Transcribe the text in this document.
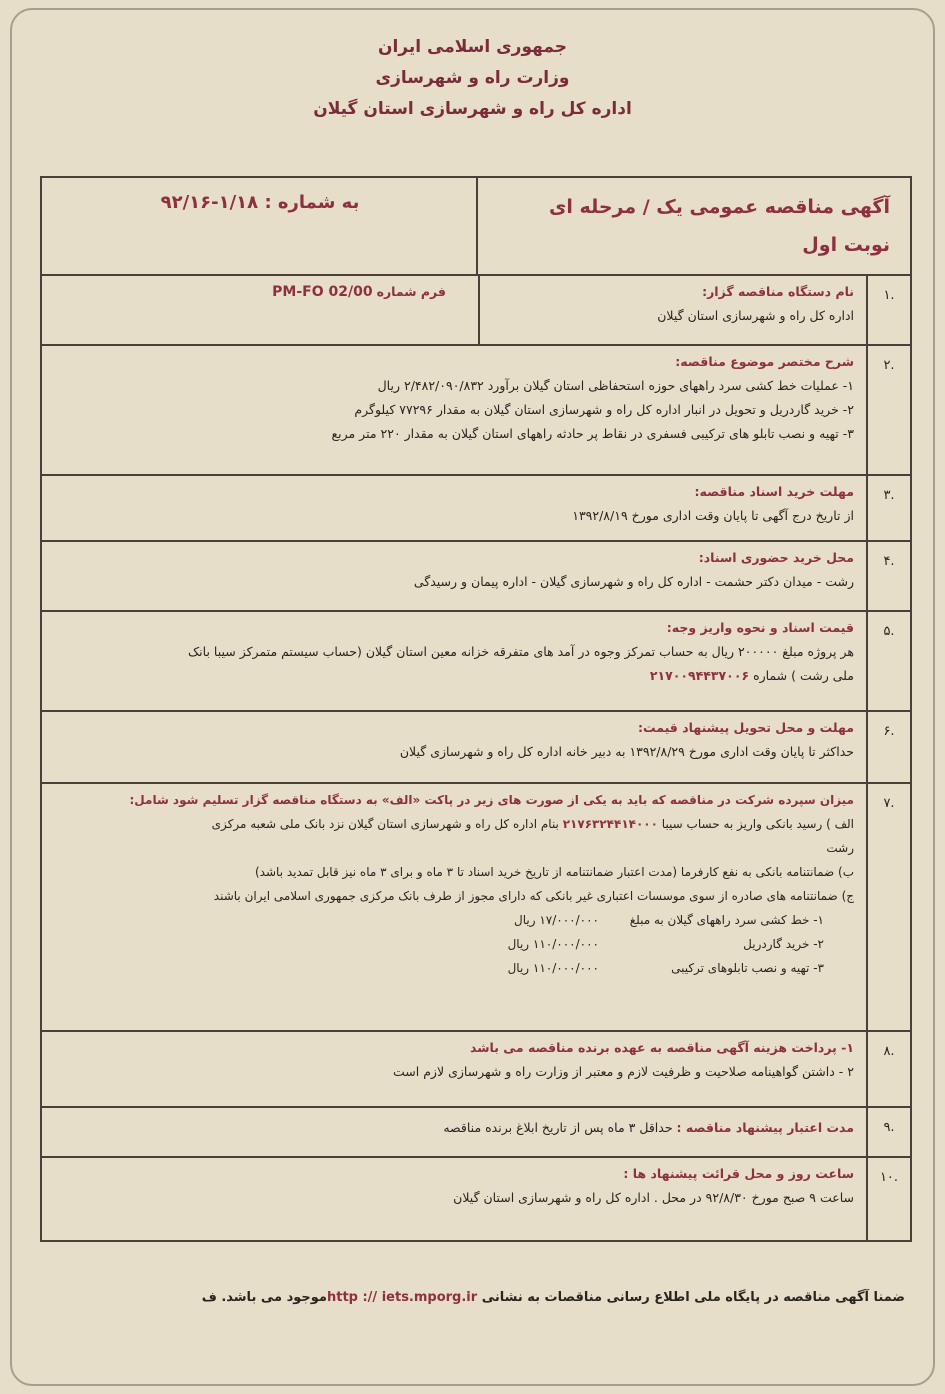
جمهوری اسلامی ایران
وزارت راه و شهرسازی
اداره کل راه و شهرسازی استان گیلان
آگهی مناقصه عمومی یک / مرحله ای
نوبت اول
به شماره : ۱/۱۸-۹۲/۱۶
.۱
نام دستگاه مناقصه گزار:
اداره کل راه و شهرسازی استان گیلان
فرم شماره PM-FO 02/00
.۲
شرح مختصر موضوع مناقصه:
۱- عملیات خط کشی سرد راههای حوزه استحفاظی استان گیلان برآورد ۲/۴۸۲/۰۹۰/۸۳۲ ریال
۲- خرید گاردریل و تحویل در انبار اداره کل راه و شهرسازی استان گیلان به مقدار ۷۷۲۹۶ کیلوگرم
۳- تهیه و نصب تابلو های ترکیبی فسفری در نقاط پر حادثه راههای استان گیلان به مقدار ۲۲۰ متر مربع
.۳
مهلت خرید اسناد مناقصه:
از تاریخ درج آگهی تا پایان وقت اداری مورخ ۱۳۹۲/۸/۱۹
.۴
محل خرید حضوری اسناد:
رشت - میدان دکتر حشمت - اداره کل راه و شهرسازی گیلان - اداره پیمان و رسیدگی
.۵
قیمت اسناد و نحوه واریز وجه:
هر پروژه مبلغ ۲۰۰۰۰۰ ریال به حساب تمرکز وجوه در آمد های متفرقه خزانه معین استان گیلان (حساب سیستم متمرکز سیبا بانک
ملی رشت ) شماره ۲۱۷۰۰۹۴۴۳۷۰۰۶
.۶
مهلت و محل تحویل پیشنهاد قیمت:
حداکثر تا پایان وقت اداری مورخ ۱۳۹۲/۸/۲۹ به دبیر خانه اداره کل راه و شهرسازی گیلان
.۷
میزان سپرده شرکت در مناقصه که باید به یکی از صورت های زیر در پاکت «الف» به دستگاه مناقصه گزار تسلیم شود شامل:
الف ) رسید بانکی واریز به حساب سیبا ۲۱۷۶۳۲۴۴۱۴۰۰۰ بنام اداره کل راه و شهرسازی استان گیلان نزد بانک ملی شعبه مرکزی
رشت
ب) ضمانتنامه بانکی به نفع کارفرما (مدت اعتبار ضمانتنامه از تاریخ خرید اسناد تا ۳ ماه و برای ۳ ماه نیز قابل تمدید باشد)
ج) ضمانتنامه های صادره از سوی موسسات اعتباری غیر بانکی که دارای مجوز از طرف بانک مرکزی جمهوری اسلامی ایران باشند
۱- خط کشی سرد راههای گیلان به مبلغ
۱۷/۰۰۰/۰۰۰ ریال
۲- خرید گاردریل
۱۱۰/۰۰۰/۰۰۰ ریال
۳- تهیه و نصب تابلوهای ترکیبی
۱۱۰/۰۰۰/۰۰۰ ریال
.۸
۱- پرداخت هزینه آگهی مناقصه به عهده برنده مناقصه می باشد
۲ - داشتن گواهینامه صلاحیت و ظرفیت لازم و معتبر از وزارت راه و شهرسازی لازم است
.۹
مدت اعتبار پیشنهاد مناقصه : حداقل ۳ ماه پس از تاریخ ابلاغ برنده مناقصه
.۱۰
ساعت روز و محل قرائت پیشنهاد ها :
ساعت ۹ صبح مورخ ۹۲/۸/۳۰ در محل . اداره کل راه و شهرسازی استان گیلان
ضمنا آگهی مناقصه در پایگاه ملی اطلاع رسانی مناقصات به نشانی http :// iets.mporg.irموجود می باشد. ف
